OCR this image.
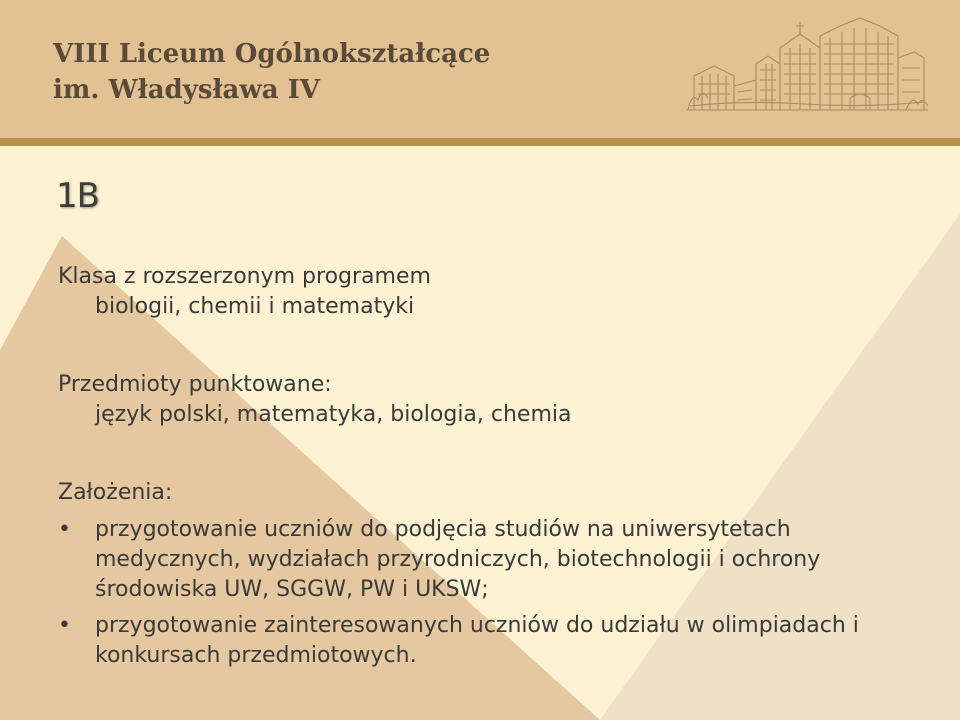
VIII Liceum Ogólnokształcące
im. Władysława IV
1B
Klasa z rozszerzonym programem
biologii, chemii i matematyki
Przedmioty punktowane:
język polski, matematyka, biologia, chemia
Założenia:
• przygotowanie uczniów do podjęcia studiów na uniwersytetach medycznych, wydziałach przyrodniczych, biotechnologii i ochrony środowiska UW, SGGW, PW i UKSW;
• przygotowanie zainteresowanych uczniów do udziału w olimpiadach i konkursach przedmiotowych.
